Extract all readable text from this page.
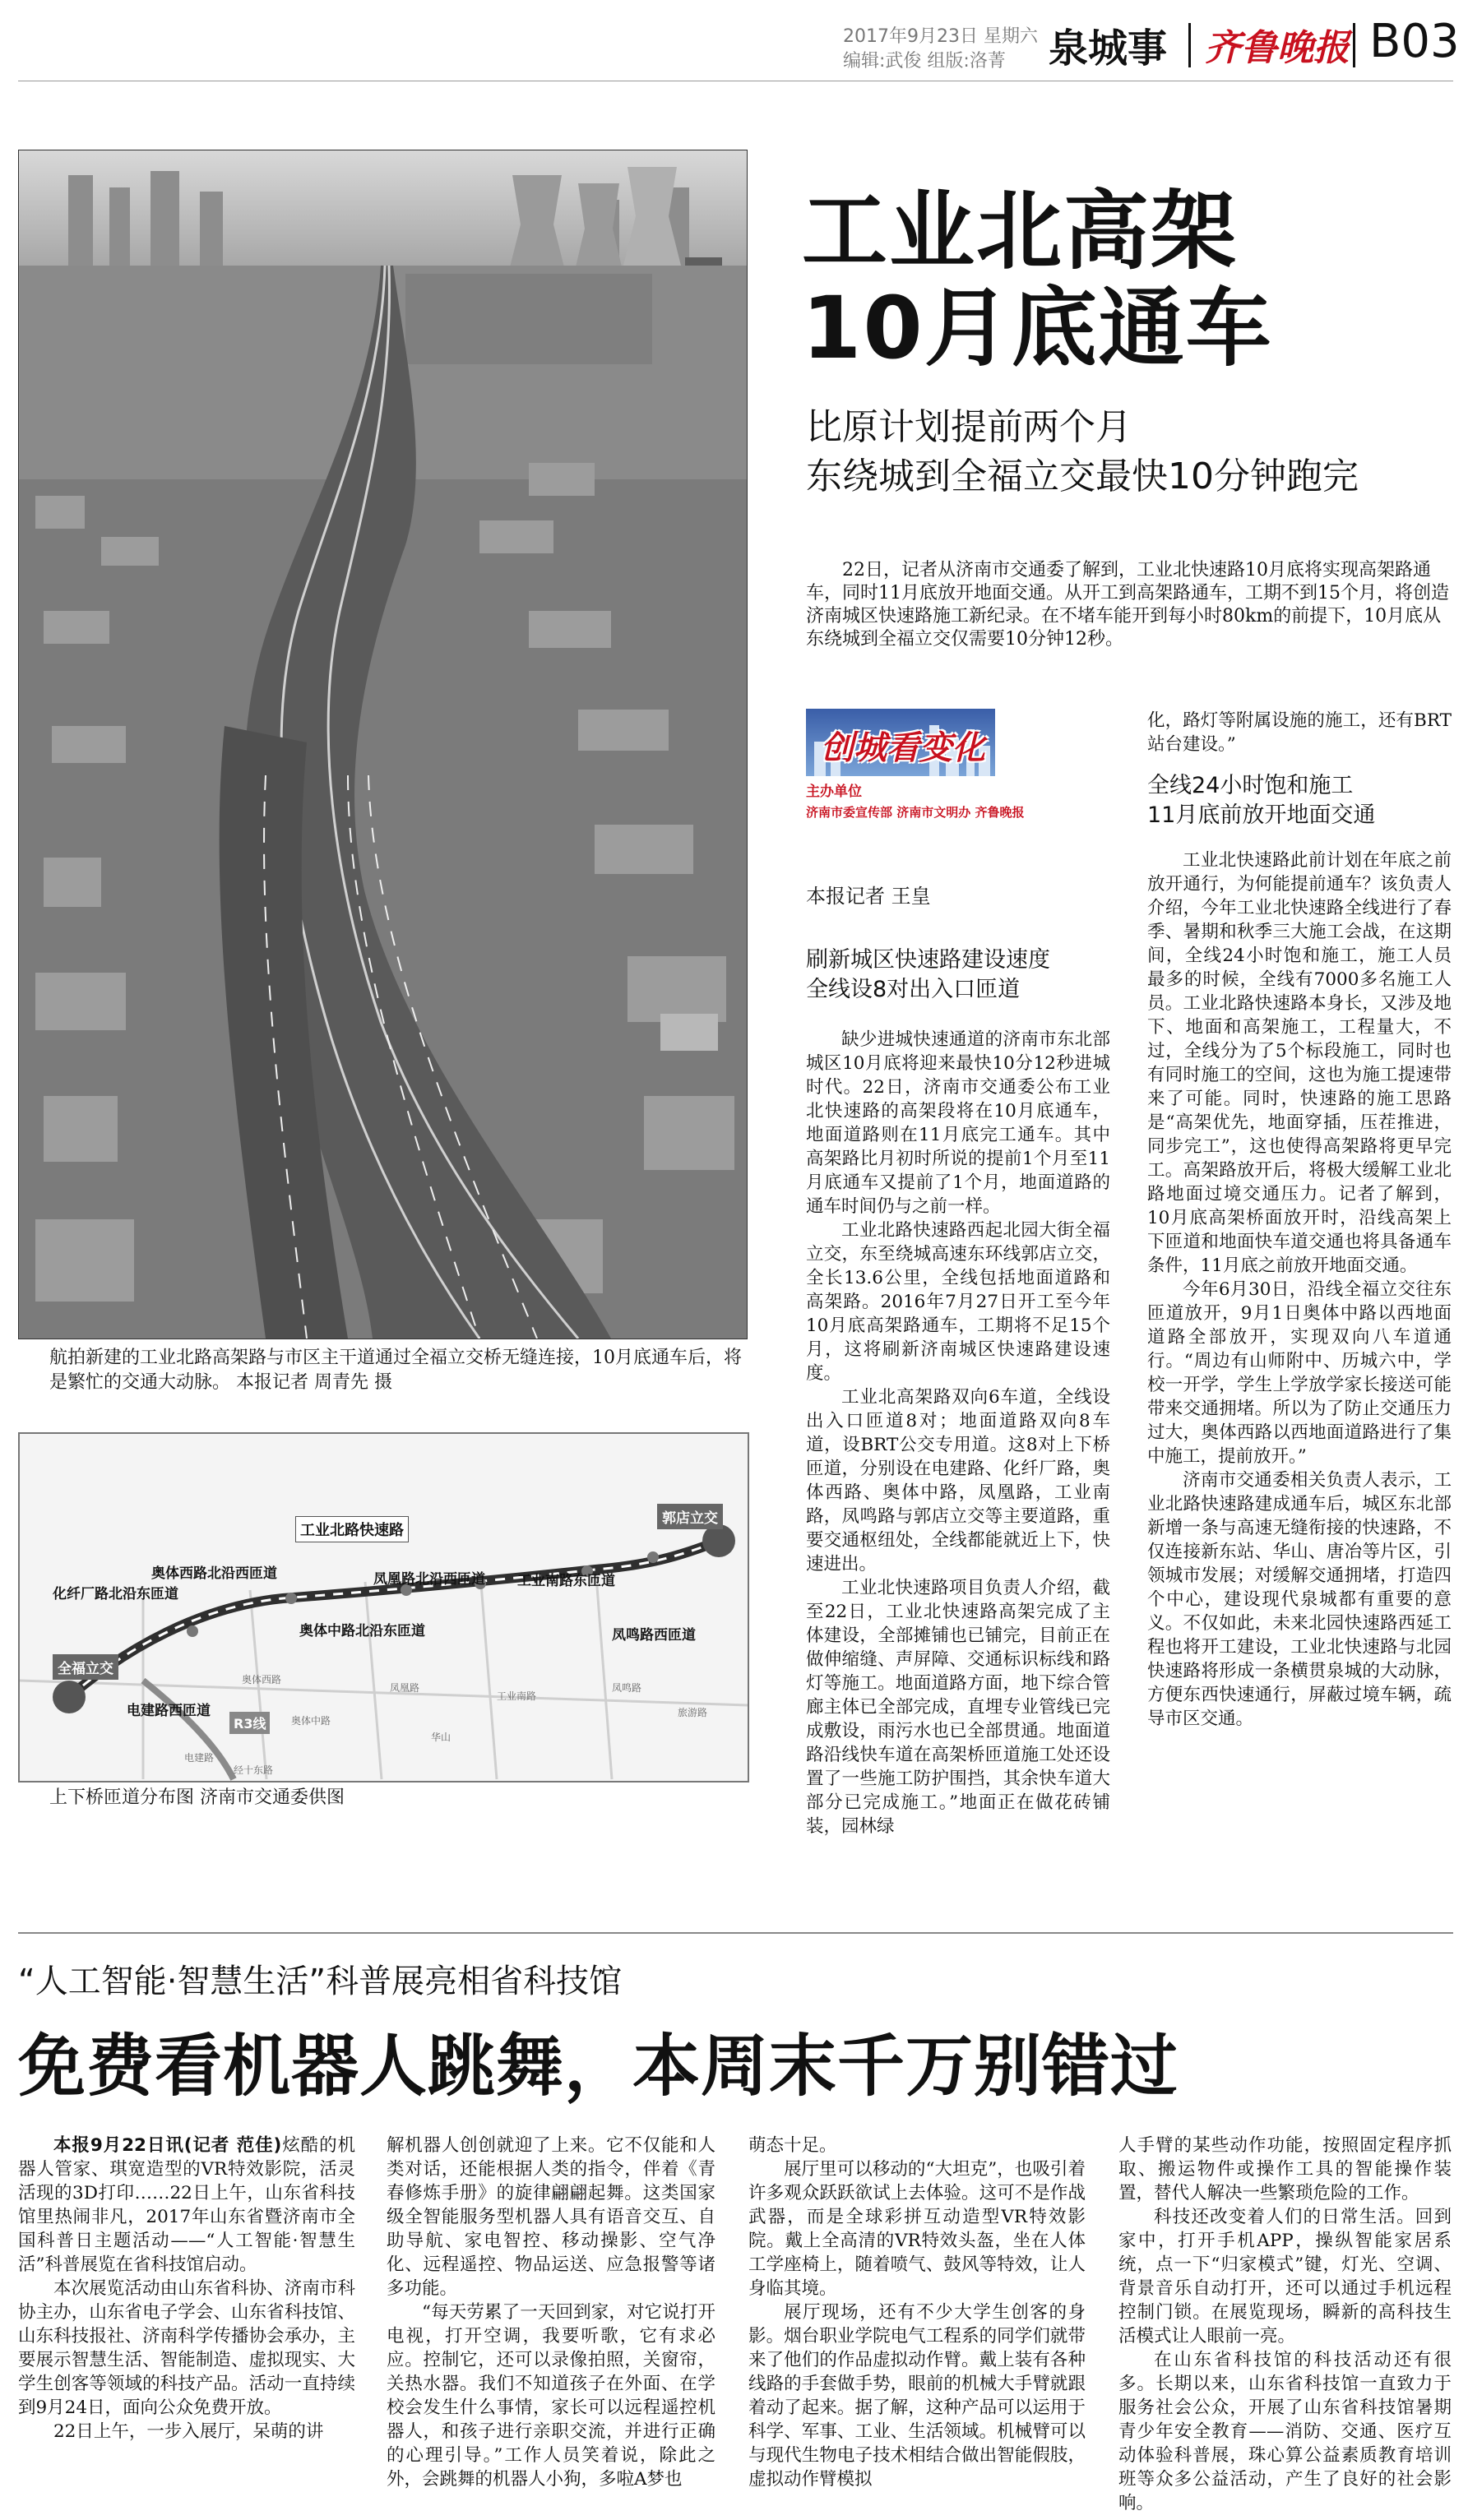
2017年9月23日 星期六
编辑:武俊 组版:洛菁	泉城事 齐鲁晚报 B03
航拍新建的工业北路高架路与市区主干道通过全福立交桥无缝连接，10月底通车后，将是繁忙的交通大动脉。 本报记者 周青先 摄
工业北高架
10月底通车
比原计划提前两个月
东绕城到全福立交最快10分钟跑完

22日，记者从济南市交通委了解到，工业北快速路10月底将实现高架路通车，同时11月底放开地面交通。从开工到高架路通车，工期不到15个月，将创造济南城区快速路施工新纪录。在不堵车能开到每小时80km的前提下，10月底从东绕城到全福立交仅需要10分钟12秒。

创城看变化
主办单位
济南市委宣传部 济南市文明办 齐鲁晚报
本报记者 王皇
刷新城区快速路建设速度
全线设8对出入口匝道

缺少进城快速通道的济南市东北部城区10月底将迎来最快10分12秒进城时代。22日，济南市交通委公布工业北快速路的高架段将在10月底通车，地面道路则在11月底完工通车。其中高架路比月初时所说的提前1个月至11月底通车又提前了1个月，地面道路的通车时间仍与之前一样。

工业北路快速路西起北园大街全福立交，东至绕城高速东环线郭店立交，全长13.6公里，全线包括地面道路和高架路。2016年7月27日开工至今年10月底高架路通车，工期将不足15个月，这将刷新济南城区快速路建设速度。

工业北高架路双向6车道，全线设出入口匝道8对；地面道路双向8车道，设BRT公交专用道。这8对上下桥匝道，分别设在电建路、化纤厂路，奥体西路、奥体中路，凤凰路，工业南路，凤鸣路与郭店立交等主要道路，重要交通枢纽处，全线都能就近上下，快速进出。

工业北快速路项目负责人介绍，截至22日，工业北快速路高架完成了主体建设，全部摊铺也已铺完，目前正在做伸缩缝、声屏障、交通标识标线和路灯等施工。地面道路方面，地下综合管廊主体已全部完成，直埋专业管线已完成敷设，雨污水也已全部贯通。地面道路沿线快车道在高架桥匝道施工处还设置了一些施工防护围挡，其余快车道大部分已完成施工。”地面正在做花砖铺装，园林绿

化，路灯等附属设施的施工，还有BRT站台建设。”

全线24小时饱和施工
11月底前放开地面交通

工业北快速路此前计划在年底之前放开通行，为何能提前通车？该负责人介绍，今年工业北快速路全线进行了春季、暑期和秋季三大施工会战，在这期间，全线24小时饱和施工，施工人员最多的时候，全线有7000多名施工人员。工业北路快速路本身长，又涉及地下、地面和高架施工，工程量大，不过，全线分为了5个标段施工，同时也有同时施工的空间，这也为施工提速带来了可能。同时，快速路的施工思路是“高架优先，地面穿插，压茬推进，同步完工”，这也使得高架路将更早完工。高架路放开后，将极大缓解工业北路地面过境交通压力。记者了解到，10月底高架桥面放开时，沿线高架上下匝道和地面快车道交通也将具备通车条件，11月底之前放开地面交通。

今年6月30日，沿线全福立交往东匝道放开，9月1日奥体中路以西地面道路全部放开，实现双向八车道通行。“周边有山师附中、历城六中，学校一开学，学生上学放学家长接送可能带来交通拥堵。所以为了防止交通压力过大，奥体西路以西地面道路进行了集中施工，提前放开。”

济南市交通委相关负责人表示，工业北路快速路建成通车后，城区东北部新增一条与高速无缝衔接的快速路，不仅连接新东站、华山、唐冶等片区，引领城市发展；对缓解交通拥堵，打造四个中心，建设现代泉城都有重要的意义。不仅如此，未来北园快速路西延工程也将开工建设，工业北快速路与北园快速路将形成一条横贯泉城的大动脉，方便东西快速通行，屏蔽过境车辆，疏导市区交通。

工业北路快速路
奥体西路北沿西匝道	凤凰路北沿西匝道 工业南路东匝道
郭店立交
化纤厂路北沿东匝道
奥体中路北沿东匝道	凤鸣路西匝道
全福立交
电建路西匝道
R3线
奥体西路
奥体中路
凤凰路
工业南路
凤鸣路
电建路
华山
旅游路
经十东路
上下桥匝道分布图 济南市交通委供图
“人工智能·智慧生活”科普展亮相省科技馆
免费看机器人跳舞，本周末千万别错过

本报9月22日讯(记者 范佳)炫酷的机器人管家、琪宽造型的VR特效影院，活灵活现的3D打印……22日上午，山东省科技馆里热闹非凡，2017年山东省暨济南市全国科普日主题活动——“人工智能·智慧生活”科普展览在省科技馆启动。

本次展览活动由山东省科协、济南市科协主办，山东省电子学会、山东省科技馆、山东科技报社、济南科学传播协会承办，主要展示智慧生活、智能制造、虚拟现实、大学生创客等领域的科技产品。活动一直持续到9月24日，面向公众免费开放。

22日上午，一步入展厅，呆萌的讲

解机器人创创就迎了上来。它不仅能和人类对话，还能根据人类的指令，伴着《青春修炼手册》的旋律翩翩起舞。这类国家级全智能服务型机器人具有语音交互、自助导航、家电智控、移动操影、空气净化、远程遥控、物品运送、应急报警等诸多功能。

“每天劳累了一天回到家，对它说打开电视，打开空调，我要听歌，它有求必应。控制它，还可以录像拍照，关窗帘，关热水器。我们不知道孩子在外面、在学校会发生什么事情，家长可以远程遥控机器人，和孩子进行亲职交流，并进行正确的心理引导。”工作人员笑着说，除此之外，会跳舞的机器人小狗，多啦A梦也

萌态十足。

展厅里可以移动的“大坦克”，也吸引着许多观众跃跃欲试上去体验。这可不是作战武器，而是全球彩拼互动造型VR特效影院。戴上全高清的VR特效头盔，坐在人体工学座椅上，随着喷气、鼓风等特效，让人身临其境。

展厅现场，还有不少大学生创客的身影。烟台职业学院电气工程系的同学们就带来了他们的作品虚拟动作臂。戴上装有各种线路的手套做手势，眼前的机械大手臂就跟着动了起来。据了解，这种产品可以运用于科学、军事、工业、生活领域。机械臂可以与现代生物电子技术相结合做出智能假肢，虚拟动作臂模拟

人手臂的某些动作功能，按照固定程序抓取、搬运物件或操作工具的智能操作装置，替代人解决一些繁琐危险的工作。

科技还改变着人们的日常生活。回到家中，打开手机APP，操纵智能家居系统，点一下“归家模式”键，灯光、空调、背景音乐自动打开，还可以通过手机远程控制门锁。在展览现场，瞬新的高科技生活模式让人眼前一亮。

在山东省科技馆的科技活动还有很多。长期以来，山东省科技馆一直致力于服务社会公众，开展了山东省科技馆暑期青少年安全教育——消防、交通、医疗互动体验科普展，珠心算公益素质教育培训班等众多公益活动，产生了良好的社会影响。
